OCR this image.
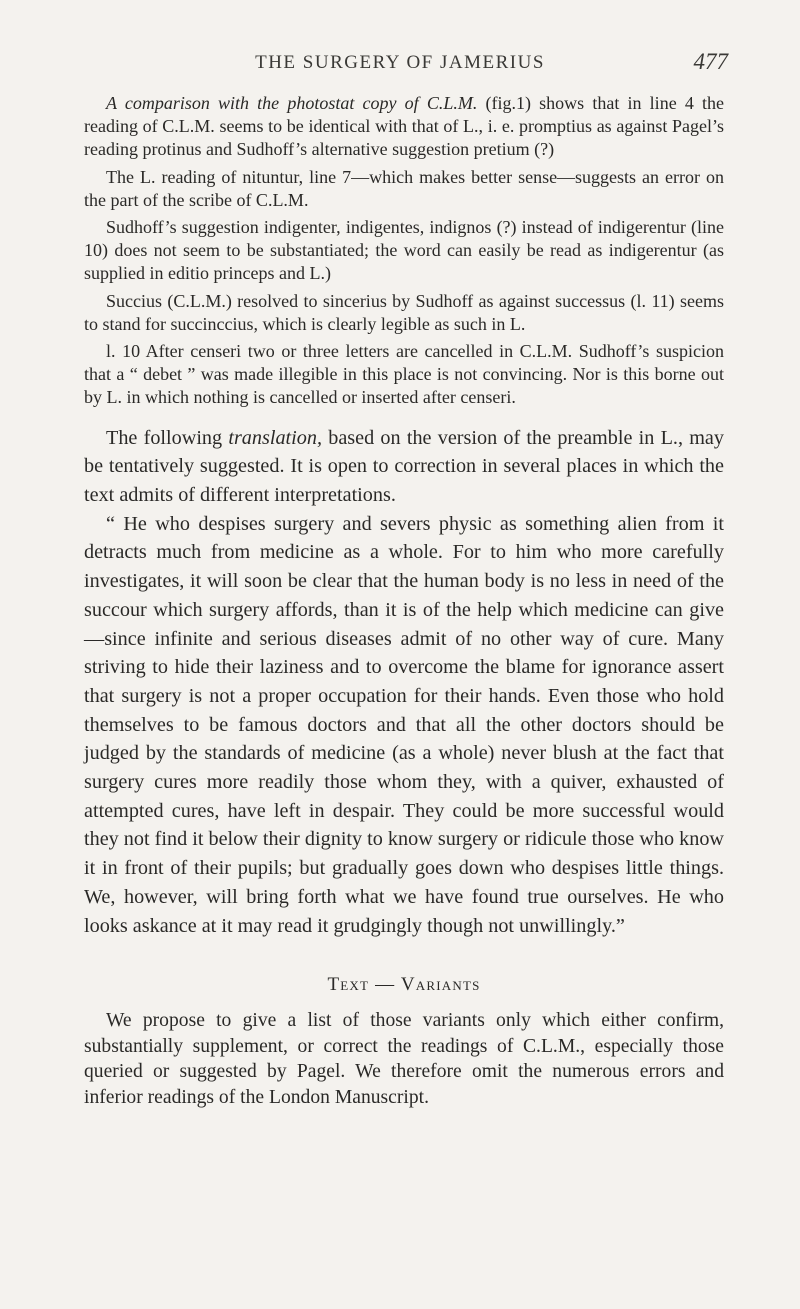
THE SURGERY OF JAMERIUS	477

A comparison with the photostat copy of C.L.M. (fig.1) shows that in line 4 the reading of C.L.M. seems to be identical with that of L., i. e. promptius as against Pagel’s reading protinus and Sudhoff’s alternative suggestion pretium (?)

The L. reading of nituntur, line 7—which makes better sense—suggests an error on the part of the scribe of C.L.M.

Sudhoff’s suggestion indigenter, indigentes, indignos (?) instead of indigerentur (line 10) does not seem to be substantiated; the word can easily be read as indigerentur (as supplied in editio princeps and L.)

Succius (C.L.M.) resolved to sincerius by Sudhoff as against successus (l. 11) seems to stand for succinccius, which is clearly legible as such in L.

l. 10 After censeri two or three letters are cancelled in C.L.M. Sudhoff’s suspicion that a “ debet ” was made illegible in this place is not convincing. Nor is this borne out by L. in which nothing is cancelled or inserted after censeri.

The following translation, based on the version of the preamble in L., may be tentatively suggested. It is open to correction in several places in which the text admits of different interpretations.

“ He who despises surgery and severs physic as something alien from it detracts much from medicine as a whole. For to him who more carefully investigates, it will soon be clear that the human body is no less in need of the succour which surgery affords, than it is of the help which medicine can give—since infinite and serious diseases admit of no other way of cure. Many striving to hide their laziness and to overcome the blame for ignorance assert that surgery is not a proper occupation for their hands. Even those who hold themselves to be famous doctors and that all the other doctors should be judged by the standards of medicine (as a whole) never blush at the fact that surgery cures more readily those whom they, with a quiver, exhausted of attempted cures, have left in despair. They could be more successful would they not find it below their dignity to know surgery or ridicule those who know it in front of their pupils; but gradually goes down who despises little things. We, however, will bring forth what we have found true ourselves. He who looks askance at it may read it grudgingly though not unwillingly.”

Text — Variants

We propose to give a list of those variants only which either confirm, substantially supplement, or correct the readings of C.L.M., especially those queried or suggested by Pagel. We therefore omit the numerous errors and inferior readings of the London Manuscript.
